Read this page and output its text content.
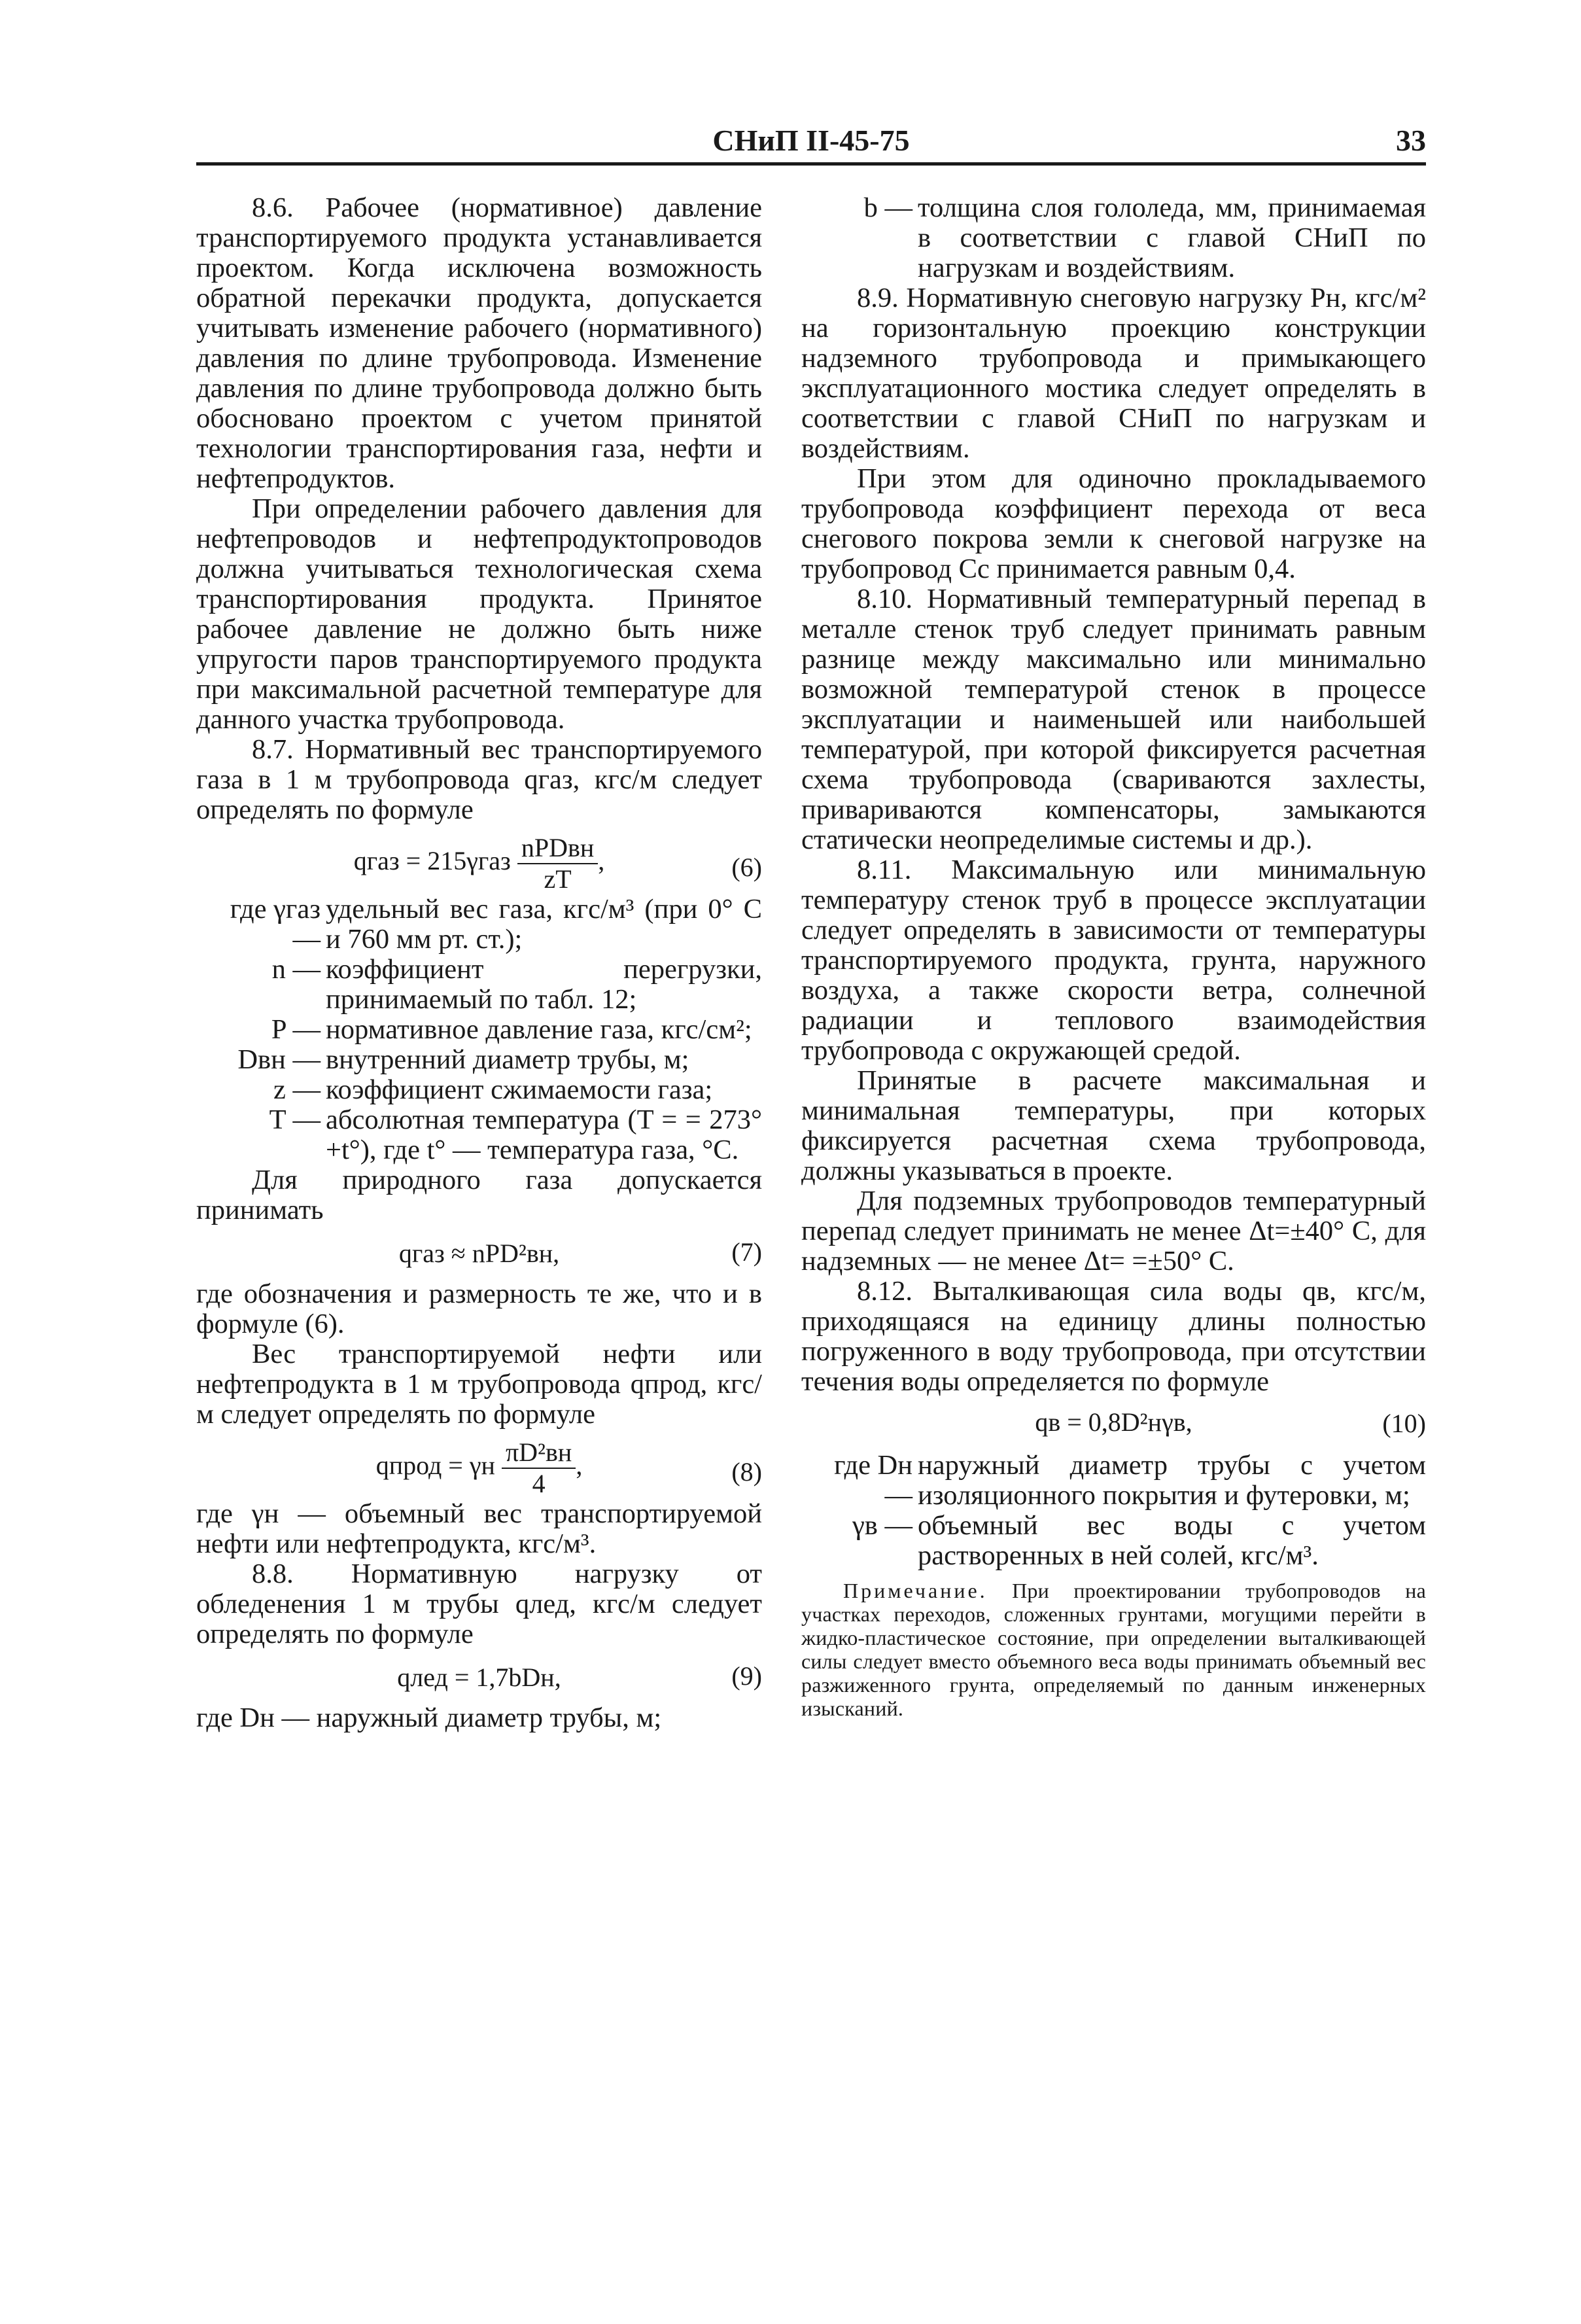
СНиП II-45-75	33

8.6. Рабочее (нормативное) давление транспортируемого продукта устанавливается проектом. Когда исключена возможность обратной перекачки продукта, допускается учитывать изменение рабочего (нормативного) давления по длине трубопровода. Изменение давления по длине трубопровода должно быть обосновано проектом с учетом принятой технологии транспортирования газа, нефти и нефтепродуктов.

При определении рабочего давления для нефтепроводов и нефтепродуктопроводов должна учитываться технологическая схема транспортирования продукта. Принятое рабочее давление не должно быть ниже упругости паров транспортируемого продукта при максимальной расчетной температуре для данного участка трубопровода.

8.7. Нормативный вес транспортируемого газа в 1 м трубопровода qгаз, кгс/м следует определять по формуле

qгаз = $215\gamma газ \frac{\text{nPDвн}}{zT}$ ,	(6)
где γгаз —
удельный вес газа, кгс/м³ (при 0° С и 760 мм рт. ст.);
n — коэффициент перегрузки, принимаемый по табл. 12;
P — нормативное давление газа, кгс/см²;
Dвн — внутренний диаметр трубы, м;
z — коэффициент сжимаемости газа;
T — абсолютная температура (T = = 273°+t°), где t° — температура газа, °С.

Для природного газа допускается принимать

qгаз ≈ nPD²вн,	(7)

где обозначения и размерность те же, что и в формуле (6).

Вес транспортируемой нефти или нефтепродукта в 1 м трубопровода qпрод, кгс/м следует определять по формуле

qпрод = γн $\frac{\text{πD²вн}}{4}$ ,	(8)

где γн — объемный вес транспортируемой нефти или нефтепродукта, кгс/м³.

8.8. Нормативную нагрузку от обледенения 1 м трубы qлед, кгс/м следует определять по формуле

qлед = 1,7bDн,	(9)

где Dн — наружный диаметр трубы, м;

b — толщина слоя гололеда, мм, принимаемая в соответствии с главой СНиП по нагрузкам и воздействиям.

8.9. Нормативную снеговую нагрузку Pн, кгс/м² на горизонтальную проекцию конструкции надземного трубопровода и примыкающего эксплуатационного мостика следует определять в соответствии с главой СНиП по нагрузкам и воздействиям.

При этом для одиночно прокладываемого трубопровода коэффициент перехода от веса снегового покрова земли к снеговой нагрузке на трубопровод Cс принимается равным 0,4.

8.10. Нормативный температурный перепад в металле стенок труб следует принимать равным разнице между максимально или минимально возможной температурой стенок в процессе эксплуатации и наименьшей или наибольшей температурой, при которой фиксируется расчетная схема трубопровода (свариваются захлесты, привариваются компенсаторы, замыкаются статически неопределимые системы и др.).

8.11. Максимальную или минимальную температуру стенок труб в процессе эксплуатации следует определять в зависимости от температуры транспортируемого продукта, грунта, наружного воздуха, а также скорости ветра, солнечной радиации и теплового взаимодействия трубопровода с окружающей средой.

Принятые в расчете максимальная и минимальная температуры, при которых фиксируется расчетная схема трубопровода, должны указываться в проекте.

Для подземных трубопроводов температурный перепад следует принимать не менее Δt=±40° С, для надземных — не менее Δt= =±50° С.

8.12. Выталкивающая сила воды qв, кгс/м, приходящаяся на единицу длины полностью погруженного в воду трубопровода, при отсутствии течения воды определяется по формуле

qв = 0,8D²нγв,	(10)
где Dн —
наружный диаметр трубы с учетом изоляционного покрытия и футеровки, м;
γв — объемный вес воды с учетом растворенных в ней солей, кгс/м³.
Примечание. При проектировании трубопроводов на участках переходов, сложенных грунтами, могущими перейти в жидко-пластическое состояние, при определении выталкивающей силы следует вместо объемного веса воды принимать объемный вес разжиженного грунта, определяемый по данным инженерных изысканий.
